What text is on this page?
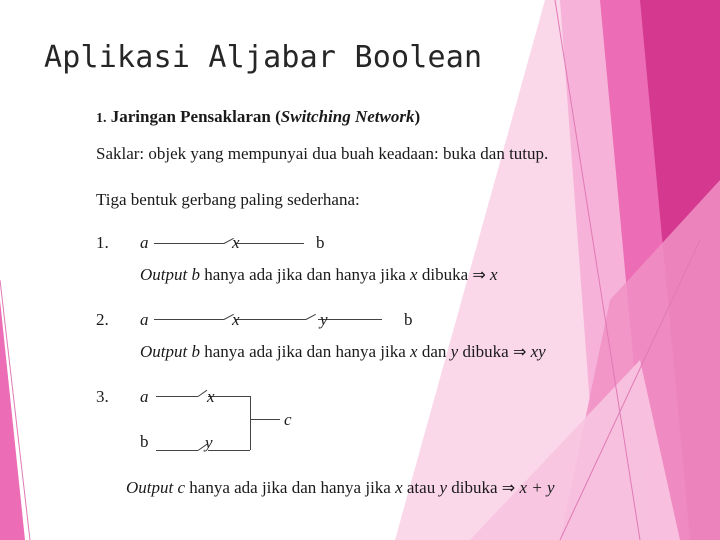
Aplikasi Aljabar Boolean
1. Jaringan Pensaklaran (Switching Network)
Saklar: objek yang mempunyai dua buah keadaan: buka dan tutup.
Tiga bentuk gerbang paling sederhana:
1. a	x	b
Output b hanya ada jika dan hanya jika x dibuka ⇒ x
2. a	x	y	b
Output b hanya ada jika dan hanya jika x dan y dibuka ⇒ xy
3. a	x
c
b	y
Output c hanya ada jika dan hanya jika x atau y dibuka ⇒ x + y
